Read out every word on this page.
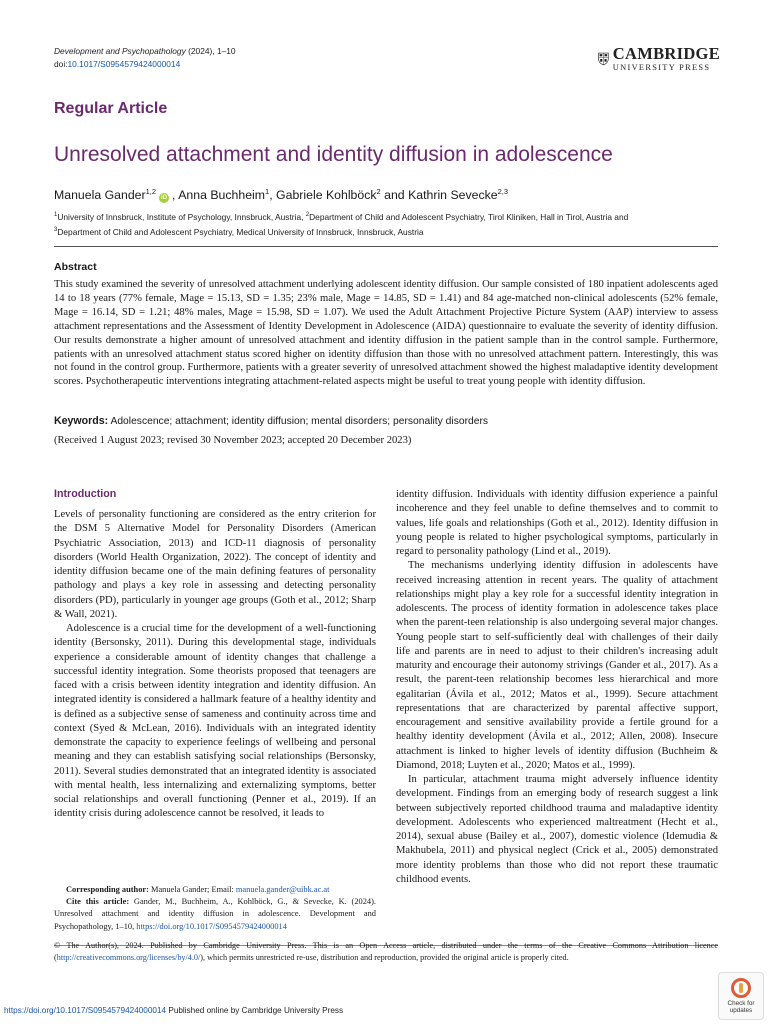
Development and Psychopathology (2024), 1–10
doi:10.1017/S0954579424000014
CAMBRIDGE
UNIVERSITY PRESS
Regular Article
Unresolved attachment and identity diffusion in adolescence
Manuela Gander$^{1,2}$iD , Anna Buchheim$^1$, Gabriele Kohlböck$^2$ and Kathrin Sevecke$^{2,3}$
$^1$University of Innsbruck, Institute of Psychology, Innsbruck, Austria, $^2$Department of Child and Adolescent Psychiatry, Tirol Kliniken, Hall in Tirol, Austria and
$^3$Department of Child and Adolescent Psychiatry, Medical University of Innsbruck, Innsbruck, Austria
Abstract
This study examined the severity of unresolved attachment underlying adolescent identity diffusion. Our sample consisted of 180 inpatient adolescents aged 14 to 18 years (77% female, Mage = 15.13, SD = 1.35; 23% male, Mage = 14.85, SD = 1.41) and 84 age-matched non-clinical adolescents (52% female, Mage = 16.14, SD = 1.21; 48% males, Mage = 15.98, SD = 1.07). We used the Adult Attachment Projective Picture System (AAP) interview to assess attachment representations and the Assessment of Identity Development in Adolescence (AIDA) questionnaire to evaluate the severity of identity diffusion. Our results demonstrate a higher amount of unresolved attachment and identity diffusion in the patient sample than in the control sample. Furthermore, patients with an unresolved attachment status scored higher on identity diffusion than those with no unresolved attachment pattern. Interestingly, this was not found in the control group. Furthermore, patients with a greater severity of unresolved attachment showed the highest maladaptive identity development scores. Psychotherapeutic interventions integrating attachment-related aspects might be useful to treat young people with identity diffusion.
Keywords: Adolescence; attachment; identity diffusion; mental disorders; personality disorders
(Received 1 August 2023; revised 30 November 2023; accepted 20 December 2023)
Introduction

Levels of personality functioning are considered as the entry criterion for the DSM 5 Alternative Model for Personality Disorders (American Psychiatric Association, 2013) and ICD-11 diagnosis of personality disorders (World Health Organization, 2022). The concept of identity and identity diffusion became one of the main defining features of personality pathology and plays a key role in assessing and detecting personality disorders (PD), particularly in younger age groups (Goth et al., 2012; Sharp & Wall, 2021).

Adolescence is a crucial time for the development of a well-functioning identity (Bersonsky, 2011). During this developmental stage, individuals experience a considerable amount of identity changes that challenge a successful identity integration. Some theorists proposed that teenagers are faced with a crisis between identity integration and identity diffusion. An integrated identity is considered a hallmark feature of a healthy identity and is defined as a subjective sense of sameness and continuity across time and context (Syed & McLean, 2016). Individuals with an integrated identity demonstrate the capacity to experience feelings of wellbeing and personal meaning and they can establish satisfying social relationships (Bersonsky, 2011). Several studies demonstrated that an integrated identity is associated with mental health, less internalizing and externalizing symptoms, better social relationships and overall functioning (Penner et al., 2019). If an identity crisis during adolescence cannot be resolved, it leads to

identity diffusion. Individuals with identity diffusion experience a painful incoherence and they feel unable to define themselves and to commit to values, life goals and relationships (Goth et al., 2012). Identity diffusion in young people is related to higher psychological symptoms, particularly in regard to personality pathology (Lind et al., 2019).

The mechanisms underlying identity diffusion in adolescents have received increasing attention in recent years. The quality of attachment relationships might play a key role for a successful identity integration in adolescents. The process of identity formation in adolescence takes place when the parent-teen relationship is also undergoing several major changes. Young people start to self-sufficiently deal with challenges of their daily life and parents are in need to adjust to their children's increasing adult maturity and encourage their autonomy strivings (Gander et al., 2017). As a result, the parent-teen relationship becomes less hierarchical and more egalitarian (Ávila et al., 2012; Matos et al., 1999). Secure attachment representations that are characterized by parental affective support, encouragement and sensitive availability provide a fertile ground for a healthy identity development (Ávila et al., 2012; Allen, 2008). Insecure attachment is linked to higher levels of identity diffusion (Buchheim & Diamond, 2018; Luyten et al., 2020; Matos et al., 1999).

In particular, attachment trauma might adversely influence identity development. Findings from an emerging body of research suggest a link between subjectively reported childhood trauma and maladaptive identity development. Adolescents who experienced maltreatment (Hecht et al., 2014), sexual abuse (Bailey et al., 2007), domestic violence (Idemudia & Makhubela, 2011) and physical neglect (Crick et al., 2005) demonstrated more identity problems than those who did not report these traumatic childhood events.

Corresponding author: Manuela Gander; Email: manuela.gander@uibk.ac.at

Cite this article: Gander, M., Buchheim, A., Kohlböck, G., & Sevecke, K. (2024). Unresolved attachment and identity diffusion in adolescence. Development and Psychopathology, 1–10, https://doi.org/10.1017/S0954579424000014

© The Author(s), 2024. Published by Cambridge University Press. This is an Open Access article, distributed under the terms of the Creative Commons Attribution licence (http://creativecommons.org/licenses/by/4.0/), which permits unrestricted re-use, distribution and reproduction, provided the original article is properly cited.
https://doi.org/10.1017/S0954579424000014 Published online by Cambridge University Press
Check for
updates
